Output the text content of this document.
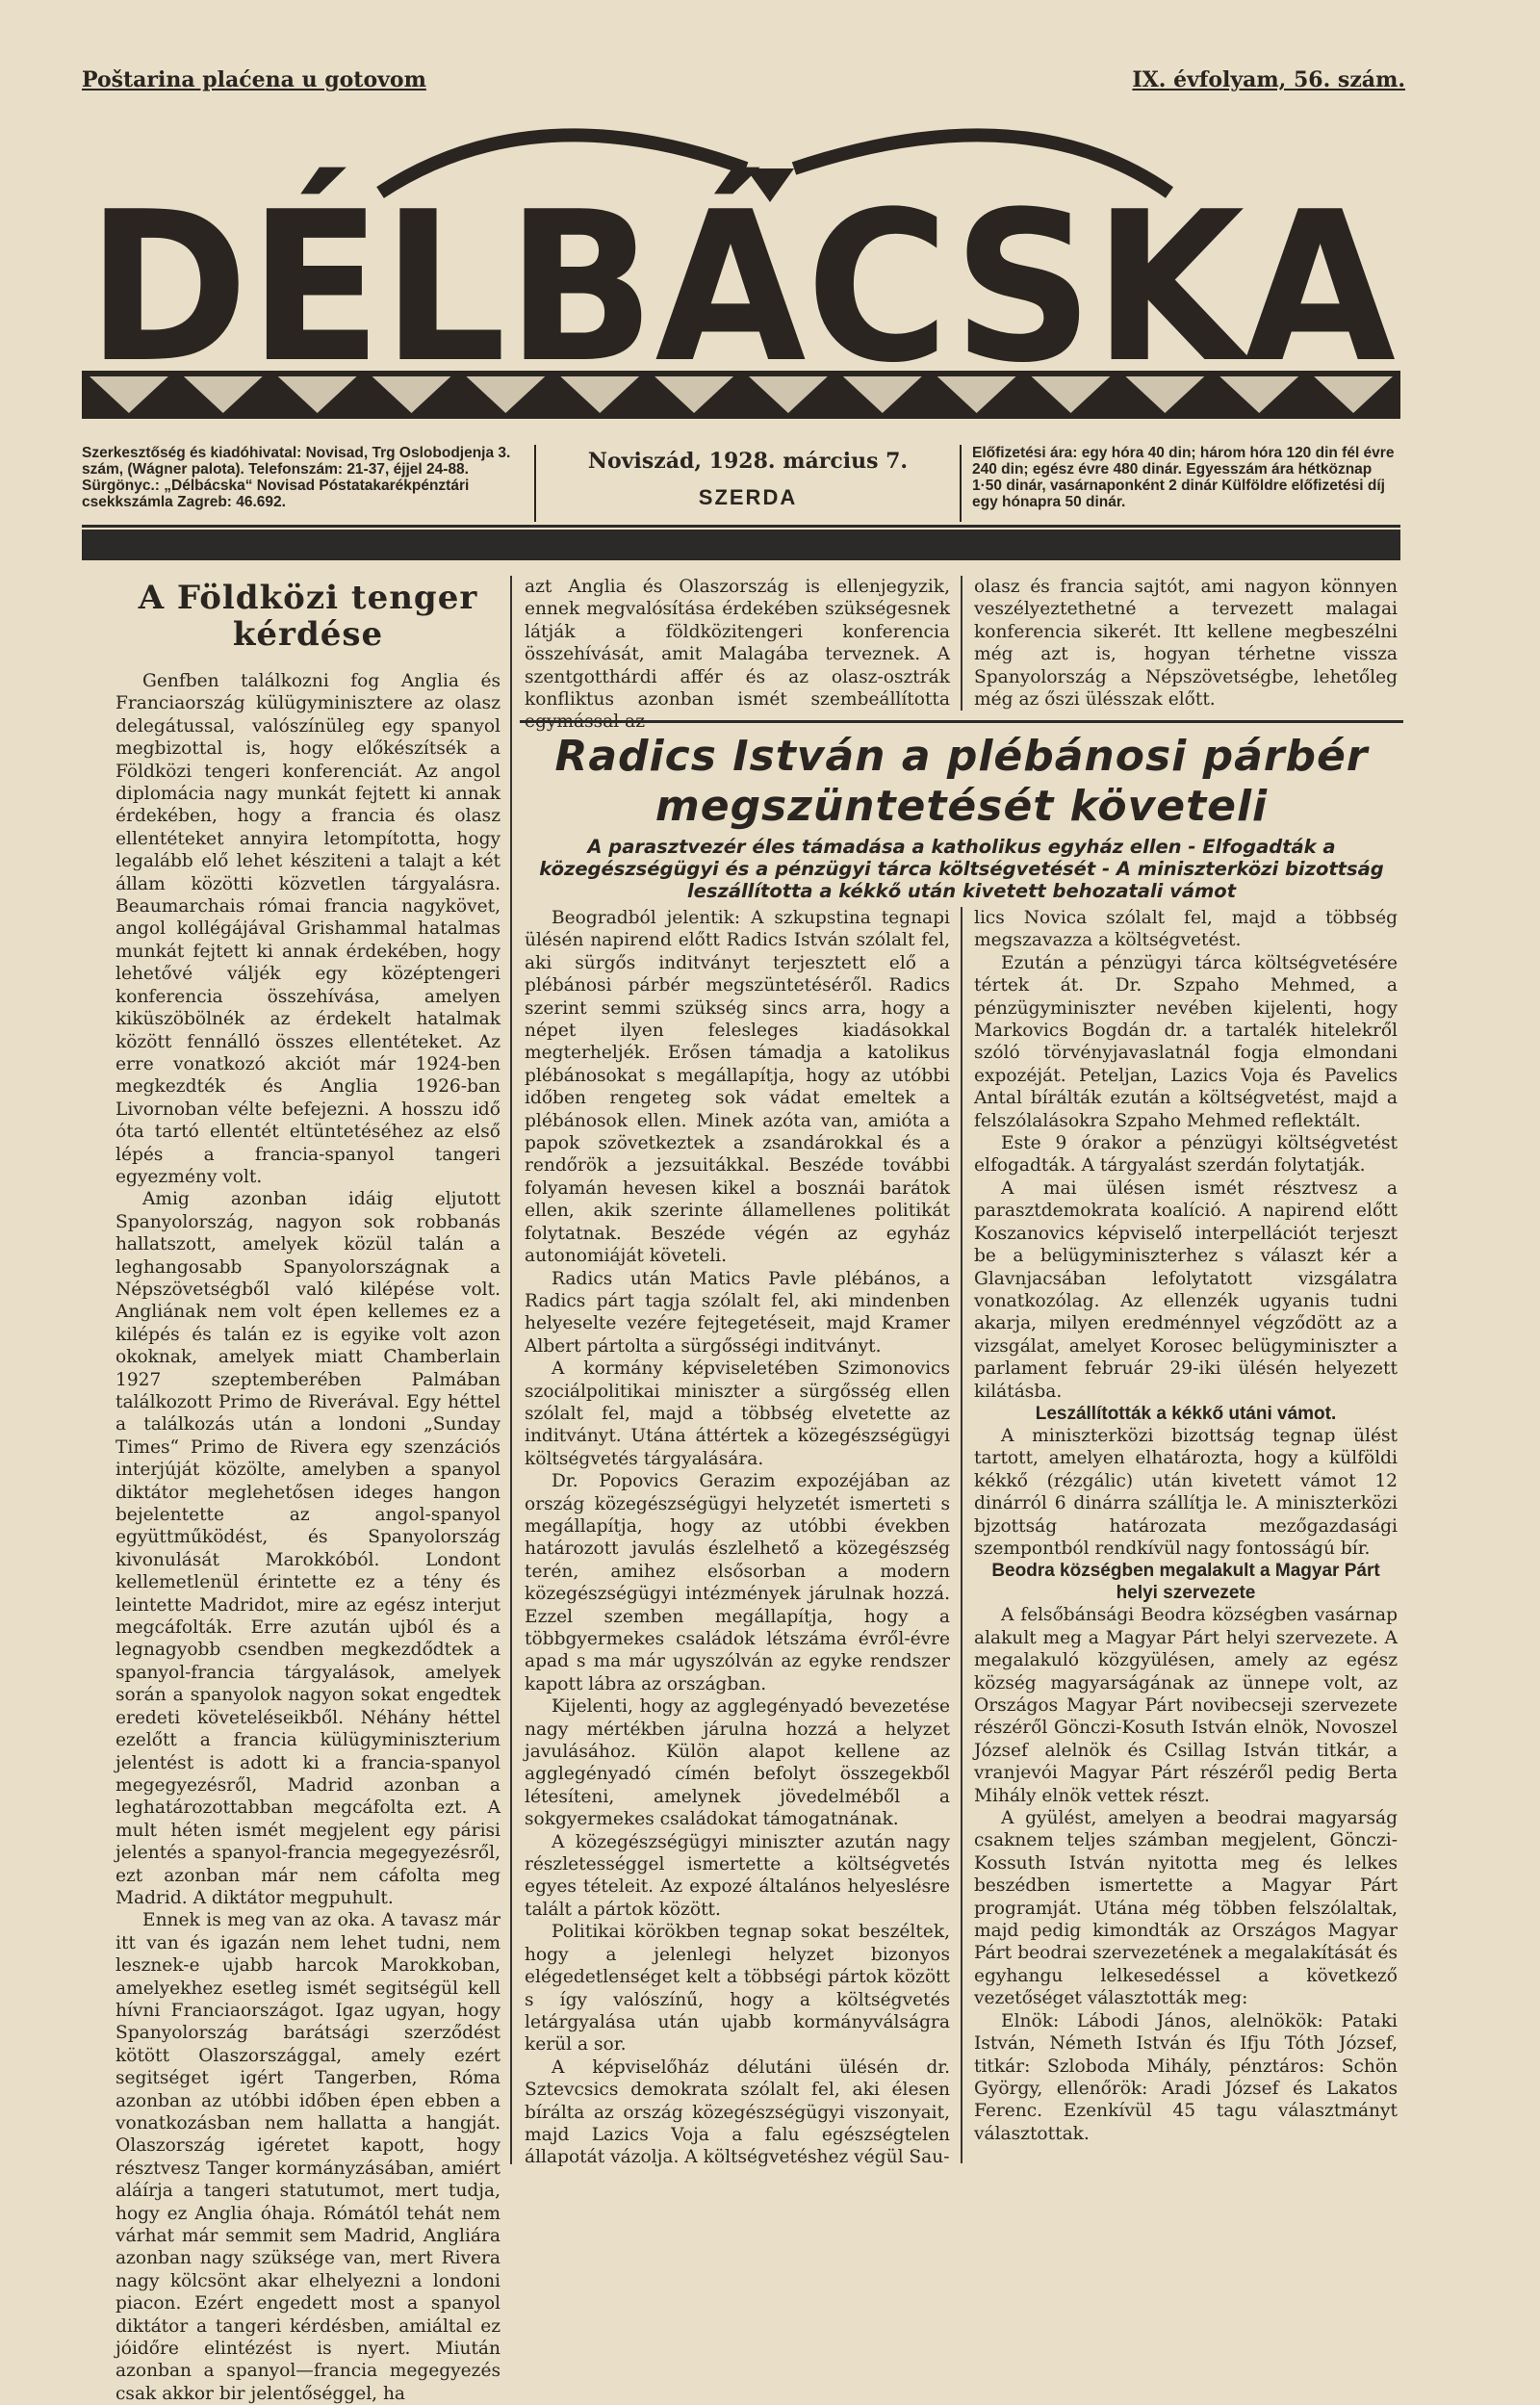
Poštarina plaćena u gotovom	IX. évfolyam, 56. szám.
DÉLBÁCSKA
Szerkesztőség és kiadóhivatal: Novisad, Trg Oslobodjenja 3. szám, (Wágner palota). Telefonszám: 21-37, éjjel 24-88. Sürgönyc.: „Délbácska“ Novisad Póstatakarékpénztári csekkszámla Zagreb: 46.692.
Noviszád, 1928. március 7.
SZERDA
Előfizetési ára: egy hóra 40 din; három hóra 120 din fél évre 240 din; egész évre 480 dinár. Egyesszám ára hétköznap 1·50 dinár, vasárnaponként 2 dinár Külföldre előfizetési díj egy hónapra 50 dinár.
A Földközi tenger kérdése

Genfben találkozni fog Anglia és Franciaország külügyminisztere az olasz delegátussal, valószínüleg egy spanyol megbizottal is, hogy előkészítsék a Földközi tengeri konferenciát. Az angol diplomácia nagy munkát fejtett ki annak érdekében, hogy a francia és olasz ellentéteket annyira letompította, hogy legalább elő lehet késziteni a talajt a két állam közötti közvetlen tárgyalásra. Beaumarchais római francia nagykövet, angol kollégájával Grishammal hatalmas munkát fejtett ki annak érdekében, hogy lehetővé váljék egy középtengeri konferencia összehívása, amelyen kiküszöbölnék az érdekelt hatalmak között fennálló összes ellentéteket. Az erre vonatkozó akciót már 1924-ben megkezdték és Anglia 1926-ban Livornoban vélte befejezni. A hosszu idő óta tartó ellentét eltüntetéséhez az első lépés a francia-spanyol tangeri egyezmény volt.

Amig azonban idáig eljutott Spanyolország, nagyon sok robbanás hallatszott, amelyek közül talán a leghangosabb Spanyolországnak a Népszövetségből való kilépése volt. Angliának nem volt épen kellemes ez a kilépés és talán ez is egyike volt azon okoknak, amelyek miatt Chamberlain 1927 szeptemberében Palmában találkozott Primo de Riverával. Egy héttel a találkozás után a londoni „Sunday Times“ Primo de Rivera egy szenzációs interjúját közölte, amelyben a spanyol diktátor meglehetősen ideges hangon bejelentette az angol-spanyol együttműködést, és Spanyolország kivonulását Marokkóból. Londont kellemetlenül érintette ez a tény és leintette Madridot, mire az egész interjut megcáfolták. Erre azután ujból és a legnagyobb csendben megkezdődtek a spanyol-francia tárgyalások, amelyek során a spanyolok nagyon sokat engedtek eredeti követeléseikből. Néhány héttel ezelőtt a francia külügyminiszterium jelentést is adott ki a francia-spanyol megegyezésről, Madrid azonban a leghatározottabban megcáfolta ezt. A mult héten ismét megjelent egy párisi jelentés a spanyol-francia megegyezésről, ezt azonban már nem cáfolta meg Madrid. A diktátor megpuhult.

Ennek is meg van az oka. A tavasz már itt van és igazán nem lehet tudni, nem lesznek-e ujabb harcok Marokkoban, amelyekhez esetleg ismét segitségül kell hívni Franciaországot. Igaz ugyan, hogy Spanyolország barátsági szerződést kötött Olaszországgal, amely ezért segitséget igért Tangerben, Róma azonban az utóbbi időben épen ebben a vonatkozásban nem hallatta a hangját. Olaszország igéretet kapott, hogy résztvesz Tanger kormányzásában, amiért aláírja a tangeri statutumot, mert tudja, hogy ez Anglia óhaja. Rómától tehát nem várhat már semmit sem Madrid, Angliára azonban nagy szüksége van, mert Rivera nagy kölcsönt akar elhelyezni a londoni piacon. Ezért engedett most a spanyol diktátor a tangeri kérdésben, amiáltal ez jóidőre elintézést is nyert. Miután azonban a spanyol—francia megegyezés csak akkor bir jelentőséggel, ha

azt Anglia és Olaszország is ellenjegyzik, ennek megvalósítása érdekében szükségesnek látják a földközitengeri konferencia összehívását, amit Malagába terveznek. A szentgotthárdi affér és az olasz-osztrák konfliktus azonban ismét szembeállította

olasz és francia sajtót, ami nagyon könnyen veszélyeztethetné a tervezett malagai konferencia sikerét. Itt kellene megbeszélni még azt is, hogyan térhetne vissza Spanyolország a Népszövetségbe, lehetőleg még az őszi ülésszak előtt.

Radics István a plébánosi párbér megszüntetését követeli
A parasztvezér éles támadása a katholikus egyház ellen - Elfogadták a közegészségügyi és a pénzügyi tárca költségvetését - A miniszterközi bizottság leszállította a kékkő után kivetett behozatali vámot

Beogradból jelentik: A szkupstina tegnapi ülésén napirend előtt Radics István szólalt fel, aki sürgős inditványt terjesztett elő a plébánosi párbér megszüntetéséről. Radics szerint semmi szükség sincs arra, hogy a népet ilyen felesleges kiadásokkal megterheljék. Erősen támadja a katolikus plébánosokat s megállapítja, hogy az utóbbi időben rengeteg sok vádat emeltek a plébánosok ellen. Minek azóta van, amióta a papok szövetkeztek a zsandárokkal és a rendőrök a jezsuitákkal. Beszéde további folyamán hevesen kikel a bosznái barátok ellen, akik szerinte államellenes politikát folytatnak. Beszéde végén az egyház autonomiáját követeli.

Radics után Matics Pavle plébános, a Radics párt tagja szólalt fel, aki mindenben helyeselte vezére fejtegetéseit, majd Kramer Albert pártolta a sürgősségi inditványt.

A kormány képviseletében Szimonovics szociálpolitikai miniszter a sürgősség ellen szólalt fel, majd a többség elvetette az inditványt. Utána áttértek a közegészségügyi költségvetés tárgyalására.

Dr. Popovics Gerazim expozéjában az ország közegészségügyi helyzetét ismerteti s megállapítja, hogy az utóbbi években határozott javulás észlelhető a közegészség terén, amihez elsősorban a modern közegészségügyi intézmények járulnak hozzá. Ezzel szemben megállapítja, hogy a többgyermekes családok létszáma évről-évre apad s ma már ugyszólván az egyke rendszer kapott lábra az országban.

Kijelenti, hogy az agglegényadó bevezetése nagy mértékben járulna hozzá a helyzet javulásához. Külön alapot kellene az agglegényadó címén befolyt összegekből létesíteni, amelynek jövedelméből a sokgyermekes családokat támogatnának.

A közegészségügyi miniszter azután nagy részletességgel ismertette a költségvetés egyes tételeit. Az expozé általános helyeslésre talált a pártok között.

Politikai körökben tegnap sokat beszéltek, hogy a jelenlegi helyzet bizonyos elégedetlenséget kelt a többségi pártok között s így valószínű, hogy a költségvetés letárgyalása után ujabb kormányválságra kerül a sor.

A képviselőház délutáni ülésén dr. Sztevcsics demokrata szólalt fel, aki élesen bírálta az ország közegészségügyi viszonyait, majd Lazics Voja a falu egészségtelen állapotát vázolja. A költségvetéshez végül Sau-

lics Novica szólalt fel, majd a többség megszavazza a költségvetést.

Ezután a pénzügyi tárca költségvetésére tértek át. Dr. Szpaho Mehmed, a pénzügyminiszter nevében kijelenti, hogy Markovics Bogdán dr. a tartalék hitelekről szóló törvényjavaslatnál fogja elmondani expozéját. Peteljan, Lazics Voja és Pavelics Antal bírálták ezután a költségvetést, majd a felszólalásokra Szpaho Mehmed reflektált.

Este 9 órakor a pénzügyi költségvetést elfogadták. A tárgyalást szerdán folytatják.

A mai ülésen ismét résztvesz a parasztdemokrata koalíció. A napirend előtt Koszanovics képviselő interpellációt terjeszt be a belügyminiszterhez s választ kér a Glavnjacsában lefolytatott vizsgálatra vonatkozólag. Az ellenzék ugyanis tudni akarja, milyen eredménnyel végződött az a vizsgálat, amelyet Korosec belügyminiszter a parlament február 29-iki ülésén helyezett kilátásba.

Leszállították a kékkő utáni vámot.

A miniszterközi bizottság tegnap ülést tartott, amelyen elhatározta, hogy a külföldi kékkő (rézgálic) után kivetett vámot 12 dinárról 6 dinárra szállítja le. A miniszterközi bjzottság határozata mezőgazdasági szempontból rendkívül nagy fontosságú bír.

Beodra községben megalakult a Magyar Párt helyi szervezete

A felsőbánsági Beodra községben vasárnap alakult meg a Magyar Párt helyi szervezete. A megalakuló közgyülésen, amely az egész község magyarságának az ünnepe volt, az Országos Magyar Párt novibecseji szervezete részéről Gönczi-Kosuth István elnök, Novoszel József alelnök és Csillag István titkár, a vranjevói Magyar Párt részéről pedig Berta Mihály elnök vettek részt.

A gyülést, amelyen a beodrai magyarság csaknem teljes számban megjelent, Gönczi-Kossuth István nyitotta meg és lelkes beszédben ismertette a Magyar Párt programját. Utána még többen felszólaltak, majd pedig kimondták az Országos Magyar Párt beodrai szervezetének a megalakítását és egyhangu lelkesedéssel a következő vezetőséget választották meg:

Elnök: Lábodi János, alelnökök: Pataki István, Németh István és Ifju Tóth József, titkár: Szloboda Mihály, pénztáros: Schön György, ellenőrök: Aradi József és Lakatos Ferenc. Ezenkívül 45 tagu választmányt választottak.
